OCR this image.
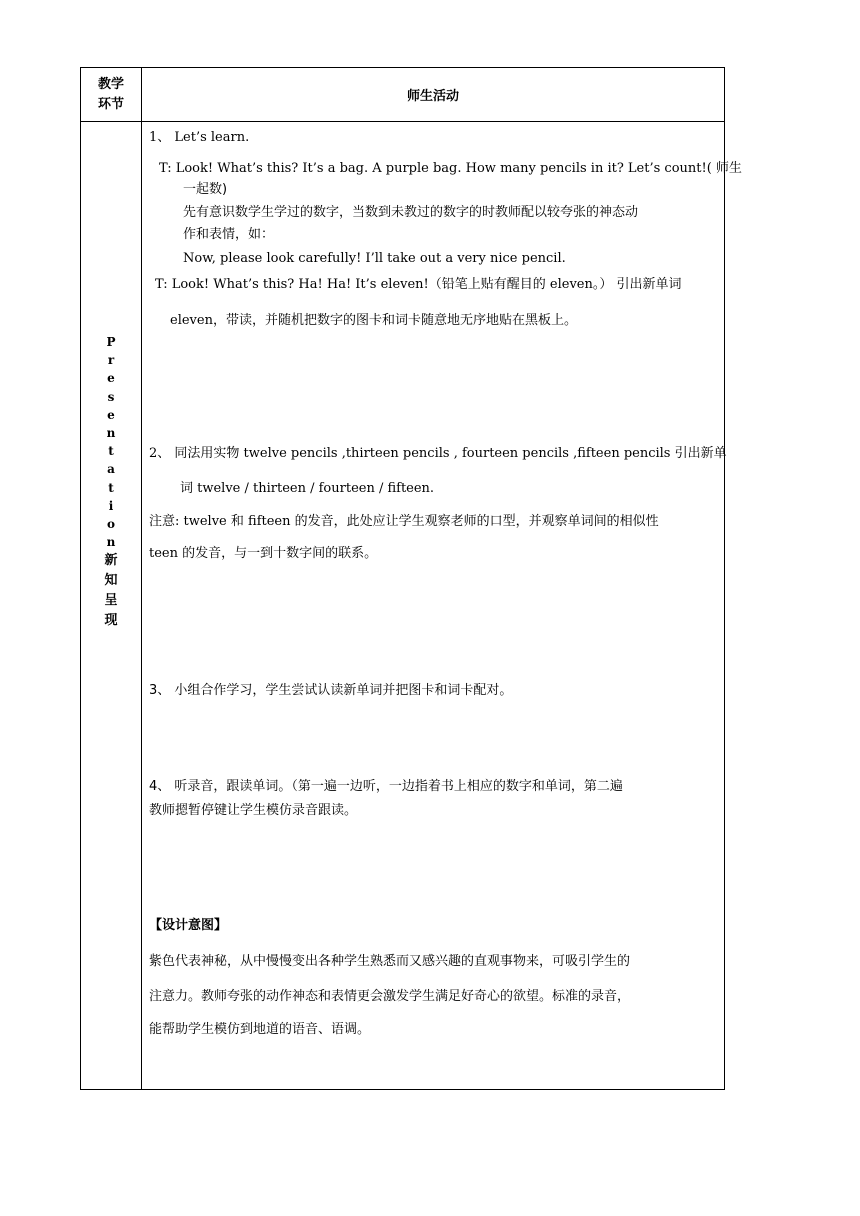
教学
环节	师生活动
P
r
e
s
e
n
t
a
t
i
o
n
新
知
呈
现
1、 Let’s learn.
T: Look! What’s this? It’s a bag. A purple bag. How many pencils in it? Let’s count!( 师生
一起数)
先有意识数学生学过的数字，当数到未教过的数字的时教师配以较夸张的神态动
作和表情，如：
Now, please look carefully! I’ll take out a very nice pencil.
T: Look! What’s this? Ha! Ha! It’s eleven!（铅笔上贴有醒目的 eleven。） 引出新单词
eleven，带读，并随机把数字的图卡和词卡随意地无序地贴在黑板上。
2、 同法用实物 twelve pencils ,thirteen pencils , fourteen pencils ,fifteen pencils 引出新单
词 twelve / thirteen / fourteen / fifteen.
注意: twelve 和 fifteen 的发音，此处应让学生观察老师的口型，并观察单词间的相似性
teen 的发音，与一到十数字间的联系。
3、 小组合作学习，学生尝试认读新单词并把图卡和词卡配对。
4、 听录音，跟读单词。（第一遍一边听，一边指着书上相应的数字和单词，第二遍
教师摁暂停键让学生模仿录音跟读。
【设计意图】
紫色代表神秘，从中慢慢变出各种学生熟悉而又感兴趣的直观事物来，可吸引学生的
注意力。教师夸张的动作神态和表情更会激发学生满足好奇心的欲望。标准的录音，
能帮助学生模仿到地道的语音、语调。
